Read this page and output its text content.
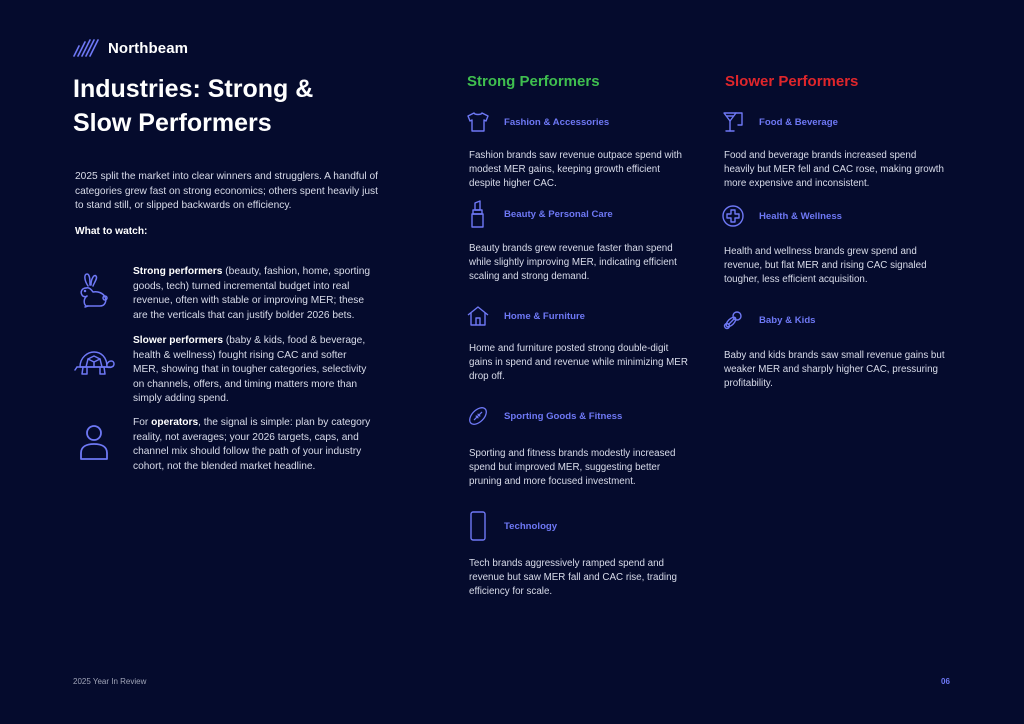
Northbeam
Industries: Strong &
Slow Performers

2025 split the market into clear winners and strugglers. A handful of categories grew fast on strong economics; others spent heavily just to stand still, or slipped backwards on efficiency.

What to watch:

Strong performers (beauty, fashion, home, sporting goods, tech) turned incremental budget into real revenue, often with stable or improving MER; these are the verticals that can justify bolder 2026 bets.

Slower performers (baby & kids, food & beverage, health & wellness) fought rising CAC and softer MER, showing that in tougher categories, selectivity on channels, offers, and timing matters more than simply adding spend.

For operators, the signal is simple: plan by category reality, not averages; your 2026 targets, caps, and channel mix should follow the path of your industry cohort, not the blended market headline.

Strong Performers
Fashion & Accessories

Fashion brands saw revenue outpace spend with modest MER gains, keeping growth efficient despite higher CAC.

Beauty & Personal Care

Beauty brands grew revenue faster than spend while slightly improving MER, indicating efficient scaling and strong demand.

Home & Furniture

Home and furniture posted strong double-digit gains in spend and revenue while minimizing MER drop off.

Sporting Goods & Fitness

Sporting and fitness brands modestly increased spend but improved MER, suggesting better pruning and more focused investment.

Technology

Tech brands aggressively ramped spend and revenue but saw MER fall and CAC rise, trading efficiency for scale.

Slower Performers
Food & Beverage

Food and beverage brands increased spend heavily but MER fell and CAC rose, making growth more expensive and inconsistent.

Health & Wellness

Health and wellness brands grew spend and revenue, but flat MER and rising CAC signaled tougher, less efficient acquisition.

Baby & Kids

Baby and kids brands saw small revenue gains but weaker MER and sharply higher CAC, pressuring profitability.

2025 Year In Review	06
